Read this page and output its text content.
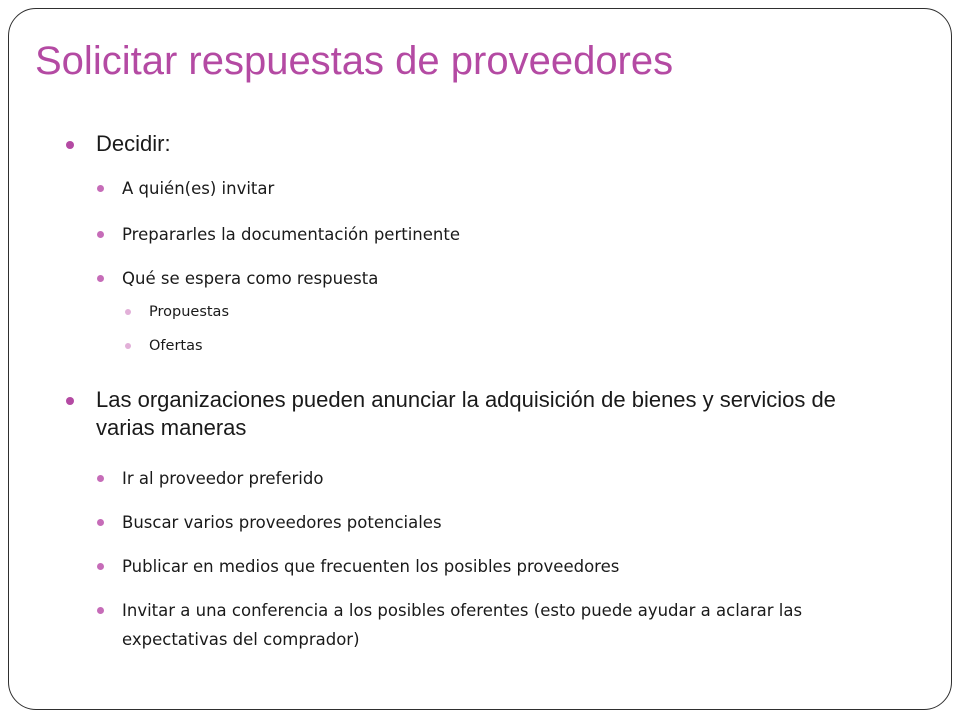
Solicitar respuestas de proveedores
Decidir:
A quién(es) invitar
Prepararles la documentación pertinente
Qué se espera como respuesta
Propuestas
Ofertas
Las organizaciones pueden anunciar la adquisición de bienes y servicios de varias maneras
Ir al proveedor preferido
Buscar varios proveedores potenciales
Publicar en medios que frecuenten los posibles proveedores
Invitar a una conferencia a los posibles oferentes (esto puede ayudar a aclarar las expectativas del comprador)
